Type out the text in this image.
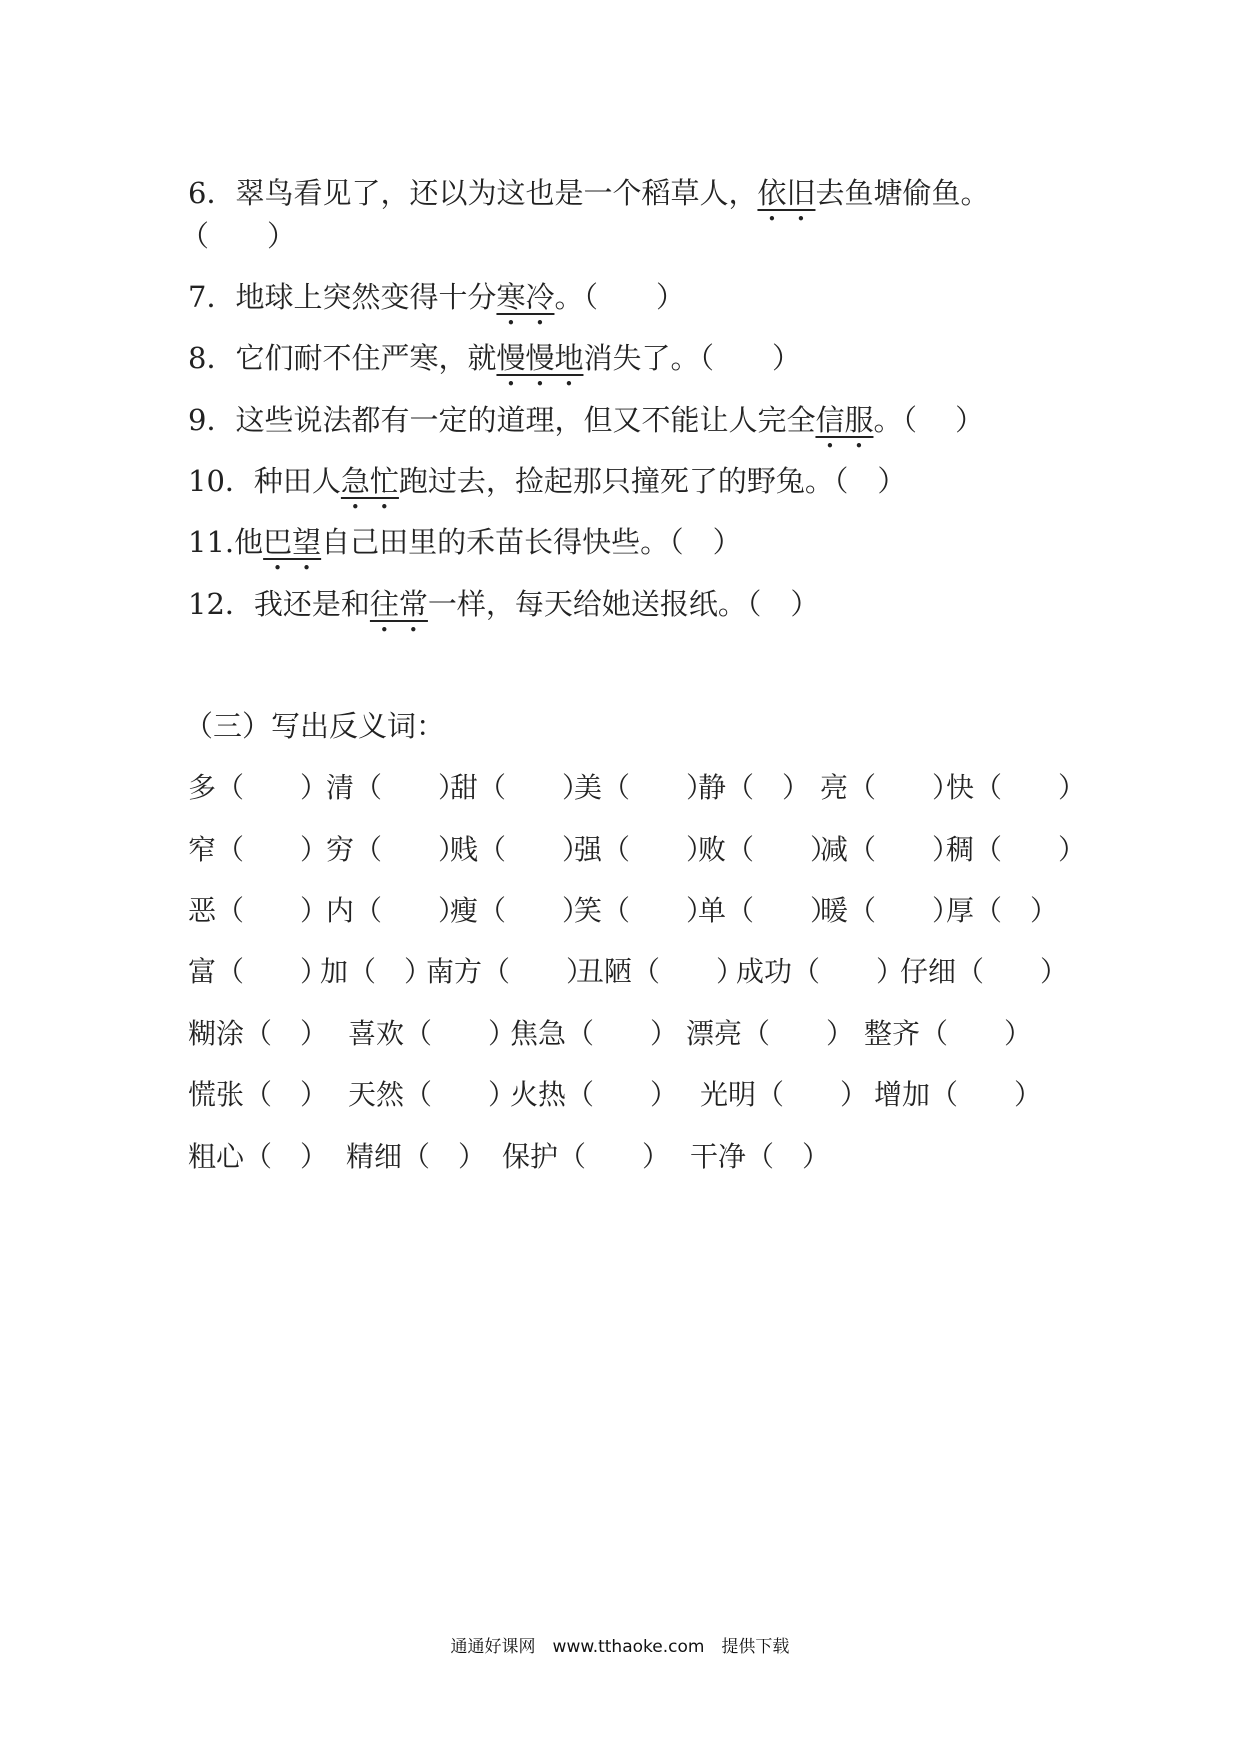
6．翠鸟看见了，还以为这也是一个稻草人，依旧去鱼塘偷鱼。
（　　）
7．地球上突然变得十分寒冷。（　　）
8．它们耐不住严寒，就慢慢地消失了。（　　）
9．这些说法都有一定的道理，但又不能让人完全信服。（　 ）
10．种田人急忙跑过去，捡起那只撞死了的野兔。（　）
11.他巴望自己田里的禾苗长得快些。（　）
12．我还是和往常一样，每天给她送报纸。（　）
（三）写出反义词：

多（　　）

清（　　）

甜（　　）

美（　　）

静（　）

亮（　　）

快（　　）

窄（　　）

穷（　　）

贱（　　）

强（　　）

败（　　）

减（　　）

稠（　　）

恶（　　）

内（　　）

瘦（　　）

笑（　　）

单（　　）

暖（　　）

厚（　）

富（　　）

加（　）

南方（　　）

丑陋（　　）

成功（　　）

仔细（　　）

糊涂（　）

喜欢（　　）

焦急（　　）

漂亮（　　）

整齐（　　）

慌张（　）

天然（　　）

火热（　　）

光明（　　）

增加（　　）

粗心（　）

精细（　）

保护（　　）

干净（　）

通通好课网　www.tthaoke.com　提供下载
